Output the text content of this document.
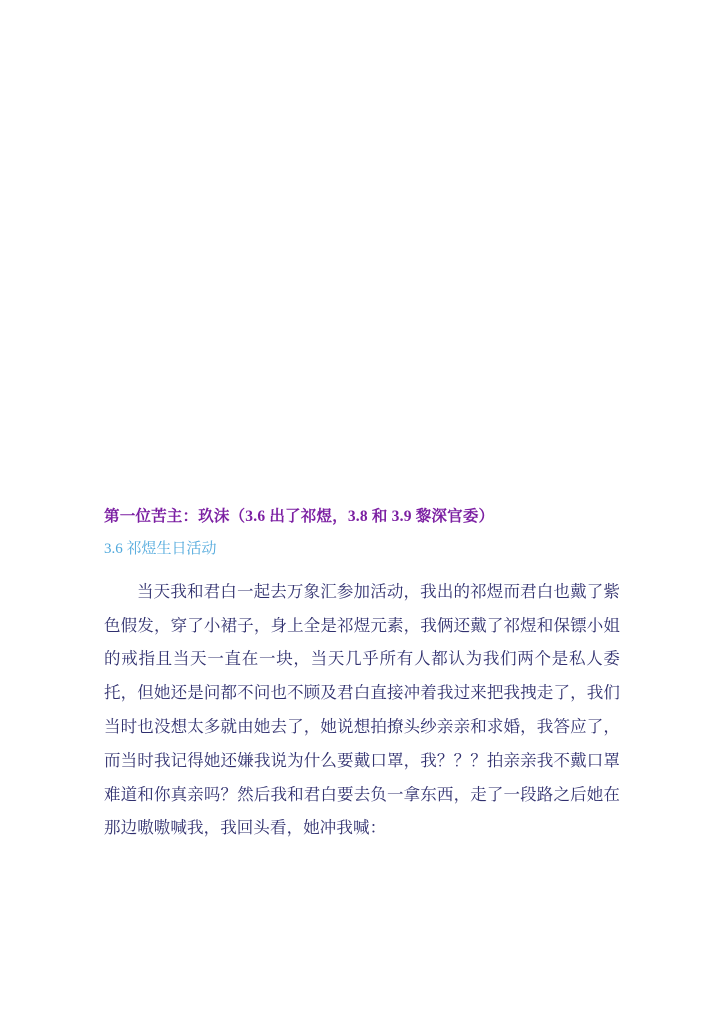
第一位苦主：玖沫（3.6 出了祁煜，3.8 和 3.9 黎深官委）

3.6 祁煜生日活动

当天我和君白一起去万象汇参加活动，我出的祁煜而君白也戴了紫色假发，穿了小裙子，身上全是祁煜元素，我俩还戴了祁煜和保镖小姐的戒指且当天一直在一块，当天几乎所有人都认为我们两个是私人委托，但她还是问都不问也不顾及君白直接冲着我过来把我拽走了，我们当时也没想太多就由她去了，她说想拍撩头纱亲亲和求婚，我答应了，而当时我记得她还嫌我说为什么要戴口罩，我？？？拍亲亲我不戴口罩难道和你真亲吗？然后我和君白要去负一拿东西，走了一段路之后她在那边嗷嗷喊我，我回头看，她冲我喊：
